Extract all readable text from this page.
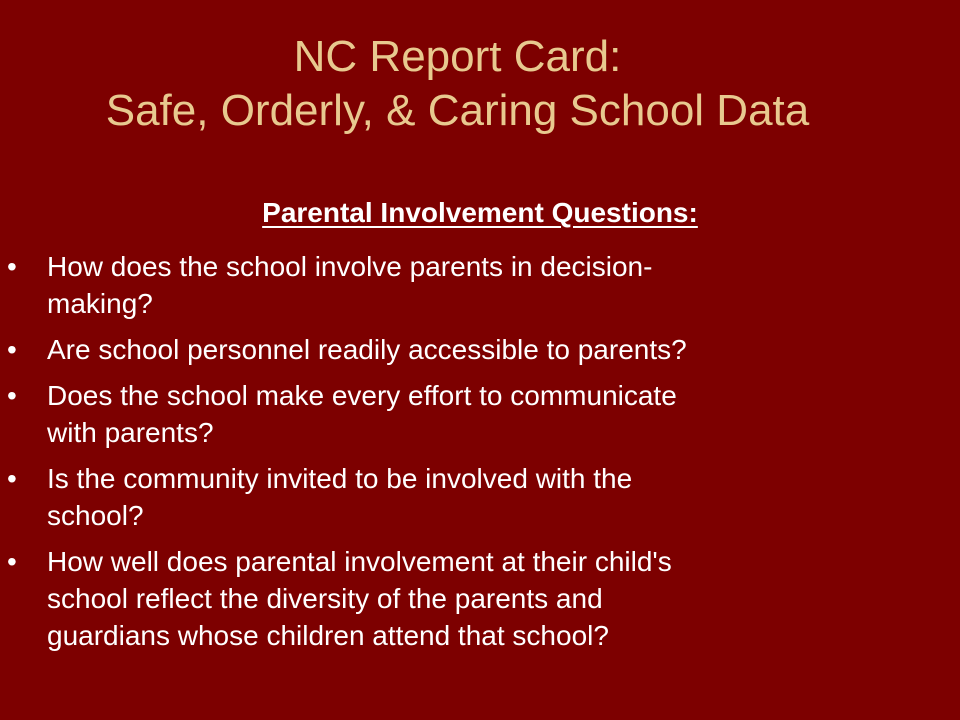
NC Report Card:
Safe, Orderly, & Caring School Data
Parental Involvement Questions:
• How does the school involve parents in decision-
making?
• Are school personnel readily accessible to parents?
• Does the school make every effort to communicate
with parents?
• Is the community invited to be involved with the
school?
• How well does parental involvement at their child's
school reflect the diversity of the parents and
guardians whose children attend that school?
